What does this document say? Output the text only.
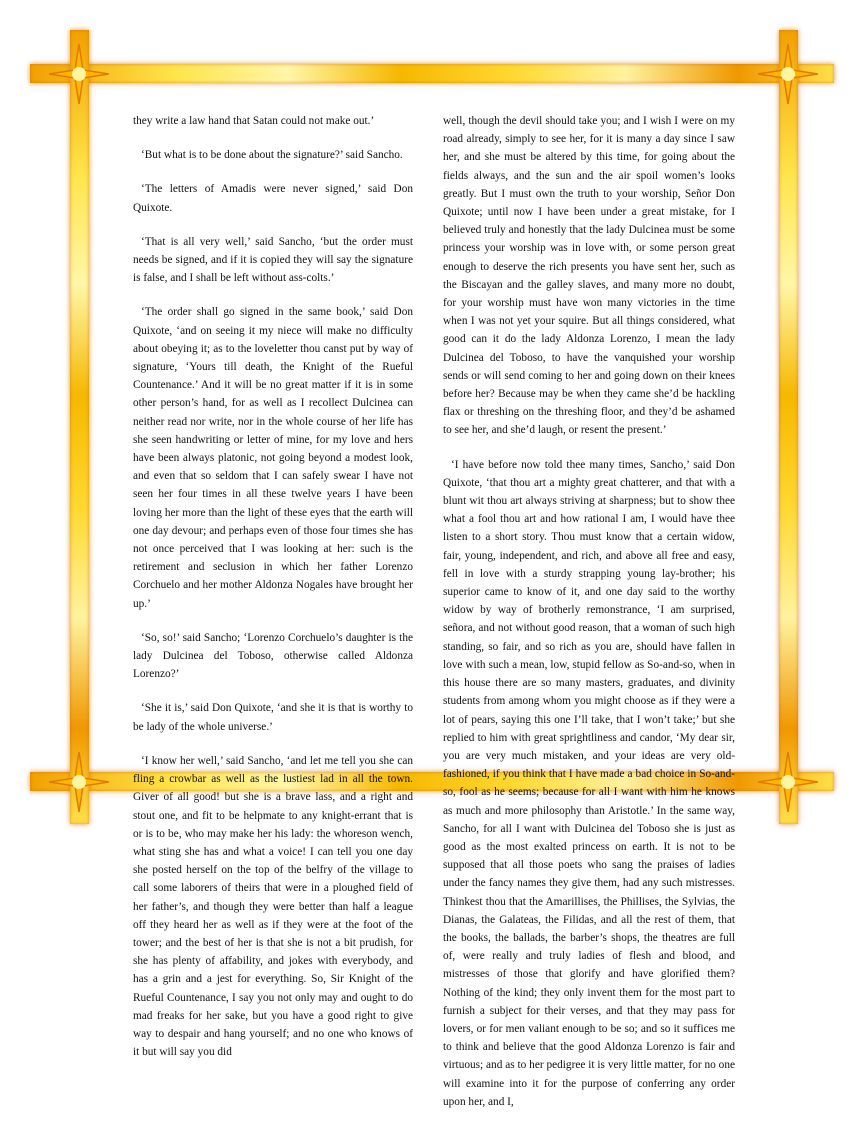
they write a law hand that Satan could not make out.’

‘But what is to be done about the signature?’ said Sancho.

‘The letters of Amadis were never signed,’ said Don Quixote.

‘That is all very well,’ said Sancho, ‘but the order must needs be signed, and if it is copied they will say the signature is false, and I shall be left without ass-colts.’

‘The order shall go signed in the same book,’ said Don Quixote, ‘and on seeing it my niece will make no difficulty about obeying it; as to the loveletter thou canst put by way of signature, ‘Yours till death, the Knight of the Rueful Countenance.’ And it will be no great matter if it is in some other person’s hand, for as well as I recollect Dulcinea can neither read nor write, nor in the whole course of her life has she seen handwriting or letter of mine, for my love and hers have been always platonic, not going beyond a modest look, and even that so seldom that I can safely swear I have not seen her four times in all these twelve years I have been loving her more than the light of these eyes that the earth will one day devour; and perhaps even of those four times she has not once perceived that I was looking at her: such is the retirement and seclusion in which her father Lorenzo Corchuelo and her mother Aldonza Nogales have brought her up.’

‘So, so!’ said Sancho; ‘Lorenzo Corchuelo’s daughter is the lady Dulcinea del Toboso, otherwise called Aldonza Lorenzo?’

‘She it is,’ said Don Quixote, ‘and she it is that is worthy to be lady of the whole universe.’

‘I know her well,’ said Sancho, ‘and let me tell you she can fling a crowbar as well as the lustiest lad in all the town. Giver of all good! but she is a brave lass, and a right and stout one, and fit to be helpmate to any knight-errant that is or is to be, who may make her his lady: the whoreson wench, what sting she has and what a voice! I can tell you one day she posted herself on the top of the belfry of the village to call some laborers of theirs that were in a ploughed field of her father’s, and though they were better than half a league off they heard her as well as if they were at the foot of the tower; and the best of her is that she is not a bit prudish, for she has plenty of affability, and jokes with everybody, and has a grin and a jest for everything. So, Sir Knight of the Rueful Countenance, I say you not only may and ought to do mad freaks for her sake, but you have a good right to give way to despair and hang yourself; and no one who knows of it but will say you did

well, though the devil should take you; and I wish I were on my road already, simply to see her, for it is many a day since I saw her, and she must be altered by this time, for going about the fields always, and the sun and the air spoil women’s looks greatly. But I must own the truth to your worship, Señor Don Quixote; until now I have been under a great mistake, for I believed truly and honestly that the lady Dulcinea must be some princess your worship was in love with, or some person great enough to deserve the rich presents you have sent her, such as the Biscayan and the galley slaves, and many more no doubt, for your worship must have won many victories in the time when I was not yet your squire. But all things considered, what good can it do the lady Aldonza Lorenzo, I mean the lady Dulcinea del Toboso, to have the vanquished your worship sends or will send coming to her and going down on their knees before her? Because may be when they came she’d be hackling flax or threshing on the threshing floor, and they’d be ashamed to see her, and she’d laugh, or resent the present.’

‘I have before now told thee many times, Sancho,’ said Don Quixote, ‘that thou art a mighty great chatterer, and that with a blunt wit thou art always striving at sharpness; but to show thee what a fool thou art and how rational I am, I would have thee listen to a short story. Thou must know that a certain widow, fair, young, independent, and rich, and above all free and easy, fell in love with a sturdy strapping young lay-brother; his superior came to know of it, and one day said to the worthy widow by way of brotherly remonstrance, ‘I am surprised, señora, and not without good reason, that a woman of such high standing, so fair, and so rich as you are, should have fallen in love with such a mean, low, stupid fellow as So-and-so, when in this house there are so many masters, graduates, and divinity students from among whom you might choose as if they were a lot of pears, saying this one I’ll take, that I won’t take;’ but she replied to him with great sprightliness and candor, ‘My dear sir, you are very much mistaken, and your ideas are very old-fashioned, if you think that I have made a bad choice in So-and-so, fool as he seems; because for all I want with him he knows as much and more philosophy than Aristotle.’ In the same way, Sancho, for all I want with Dulcinea del Toboso she is just as good as the most exalted princess on earth. It is not to be supposed that all those poets who sang the praises of ladies under the fancy names they give them, had any such mistresses. Thinkest thou that the Amarillises, the Phillises, the Sylvias, the Dianas, the Galateas, the Filidas, and all the rest of them, that the books, the ballads, the barber’s shops, the theatres are full of, were really and truly ladies of flesh and blood, and mistresses of those that glorify and have glorified them? Nothing of the kind; they only invent them for the most part to furnish a subject for their verses, and that they may pass for lovers, or for men valiant enough to be so; and so it suffices me to think and believe that the good Aldonza Lorenzo is fair and virtuous; and as to her pedigree it is very little matter, for no one will examine into it for the purpose of conferring any order upon her, and I,
